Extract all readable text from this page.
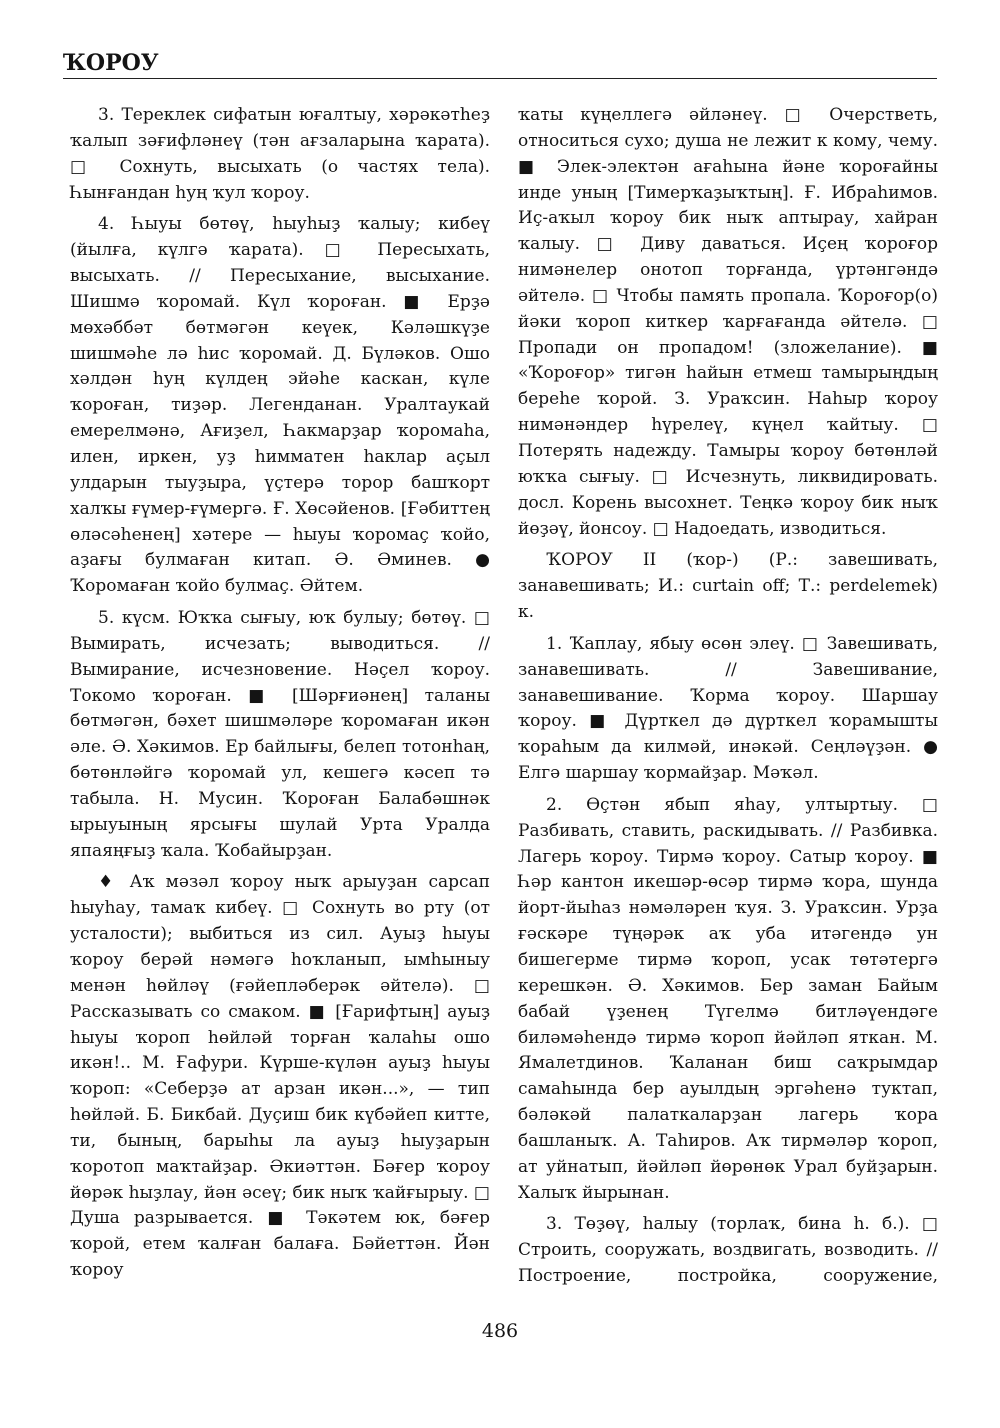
ҠОРОУ

3. Тереклек сифатын юғалтыу, хәрәкәтһеҙ ҡалып зәғифләнеү (тән ағзаларына ҡарата). □ Сохнуть, высыхать (о частях тела). Һынғандан һуң ҡул ҡороу.

4. Һыуы бөтөү, һыуһыҙ ҡалыу; кибеү (йылға, күлгә ҡарата). □ Пересыхать, высыхать. // Пересыхание, высыхание. Шишмә ҡоромай. Күл ҡороған. ■ Ерҙә мөхәббәт бөтмәгән кеүек, Кәләшкүҙе шишмәһе лә һис ҡоромай. Д. Бүләков. Ошо хәлдән һуң күлдең эйәһе каскан, күле ҡороған, тиҙәр. Легенданан. Уралтаукай емерелмәнә, Ағиҙел, Һакмарҙар ҡоромаһа, илен, иркен, уҙ һимматен һаклар аҫыл улдарын тыуҙыра, үҫтерә торор башҡорт халҡы ғүмер-ғүмергә. Ғ. Хөсәйенов. [Ғәбиттең өләсәһенең] хәтере — һыуы ҡоромаҫ ҡойо, аҙағы булмаған китап. Ә. Әминев. ● Ҡоромаған ҡойо булмаҫ. Әйтем.

5. күсм. Юҡҡа сығыу, юҡ булыу; бөтөү. □ Вымирать, исчезать; выводиться. // Вымирание, исчезновение. Нәҫел ҡороу. Токомо ҡороған. ■ [Шәрғиәнең] таланы бөтмәгән, бәхет шишмәләре ҡоромаған икән әле. Ә. Хәкимов. Ер байлығы, белеп тотонһаң, бөтөнләйгә ҡоромай ул, кешегә кәсеп тә табыла. Н. Мусин. Ҡороған Балабәшнәк ырыуының ярсығы шулай Урта Уралда япаяңғыҙ ҡала. Ҡобайырҙан.

♦ Аҡ мәзәл ҡороу ныҡ арыуҙан сарсап һыуһау, тамаҡ кибеү. □ Сохнуть во рту (от усталости); выбиться из сил. Ауыҙ һыуы ҡороу берәй нәмәгә һоҡланып, ымһыныу менән һөйләү (ғәйепләберәк әйтелә). □ Рассказывать со смаком. ■ [Ғарифтың] ауыҙ һыуы ҡороп һөйләй торған ҡалаһы ошо икән!.. М. Ғафури. Күрше-күлән ауыҙ һыуы ҡороп: «Себерҙә ат арзан икән...», — тип һөйләй. Б. Бикбай. Дуҫиш бик күбәйеп китте, ти, бының, барыһы ла ауыҙ һыуҙарын ҡоротоп маҡтайҙар. Әкиәттән. Бәғер ҡороу йөрәк һыҙлау, йән әсеү; бик ныҡ ҡайғырыу. □ Душа разрывается. ■ Тәкәтем юк, бәғер ҡорой, етем ҡалған балаға. Бәйеттән. Йән ҡороу

ҡаты күңеллегә әйләнеү. □ Очерстветь, относиться сухо; душа не лежит к кому, чему. ■ Элек-электән ағаһына йәне ҡороғайны инде уның [Тимерҡаҙыҡтың]. Ғ. Ибраһимов. Иҫ-аҡыл ҡороу бик ныҡ аптырау, хайран ҡалыу. □ Диву даваться. Иҫең ҡороғор нимәнелер онотоп торғанда, үртәнгәндә әйтелә. □ Чтобы память пропала. Ҡороғор(о) йәки ҡороп киткер ҡарғағанда әйтелә. □ Пропади он пропадом! (зложелание). ■ «Ҡороғор» тигән һайын етмеш тамырыңдың береһе ҡорой. З. Ураҡсин. Наһыр ҡороу нимәнәндер һүрелеү, күңел ҡайтыу. □ Потерять надежду. Тамыры ҡороу бөтөнләй юҡҡа сығыу. □ Исчезнуть, ликвидировать. досл. Корень высохнет. Теңкә ҡороу бик ныҡ йөҙәү, йонсоу. □ Надоедать, изводиться.

ҠОРОУ II (ҡор-) (Р.: завешивать, занавешивать; И.: curtain off; Т.: perdelemek) к.

1. Ҡаплау, ябыу өсөн элеү. □ Завешивать, занавешивать. // Завешивание, занавешивание. Ҡорма ҡороу. Шаршау ҡороу. ■ Дүрткел дә дүрткел ҡорамышты ҡораһым да килмәй, инәкәй. Сеңләүҙән. ● Елгә шаршау ҡормайҙар. Мәҡәл.

2. Өҫтән ябып яһау, ултыртыу. □ Разбивать, ставить, раскидывать. // Разбивка. Лагерь ҡороу. Тирмә ҡороу. Сатыр ҡороу. ■ Һәр кантон икешәр-өсәр тирмә ҡора, шунда йорт-йыһаз нәмәләрен ҡуя. З. Ураҡсин. Урҙа ғәскәре түңәрәк аҡ уба итәгендә ун бишегерме тирмә ҡороп, усак төтәтергә керешкән. Ә. Хәкимов. Бер заман Байым бабай үҙенең Түгелмә битләүендәге биләмәһендә тирмә ҡороп йәйләп яткан. М. Ямалетдинов. Ҡаланан биш саҡрымдар самаһында бер ауылдың эргәһенә туктап, бәләкәй палаткаларҙан лагерь ҡора башланыҡ. А. Таһиров. Аҡ тирмәләр ҡороп, ат уйнатып, йәйләп йөрөнөк Урал буйҙарын. Халыҡ йырынан.

3. Төҙөү, һалыу (торлаҡ, бина һ. б.). □ Строить, сооружать, воздвигать, возводить. // Построение, постройка, сооружение,

486
